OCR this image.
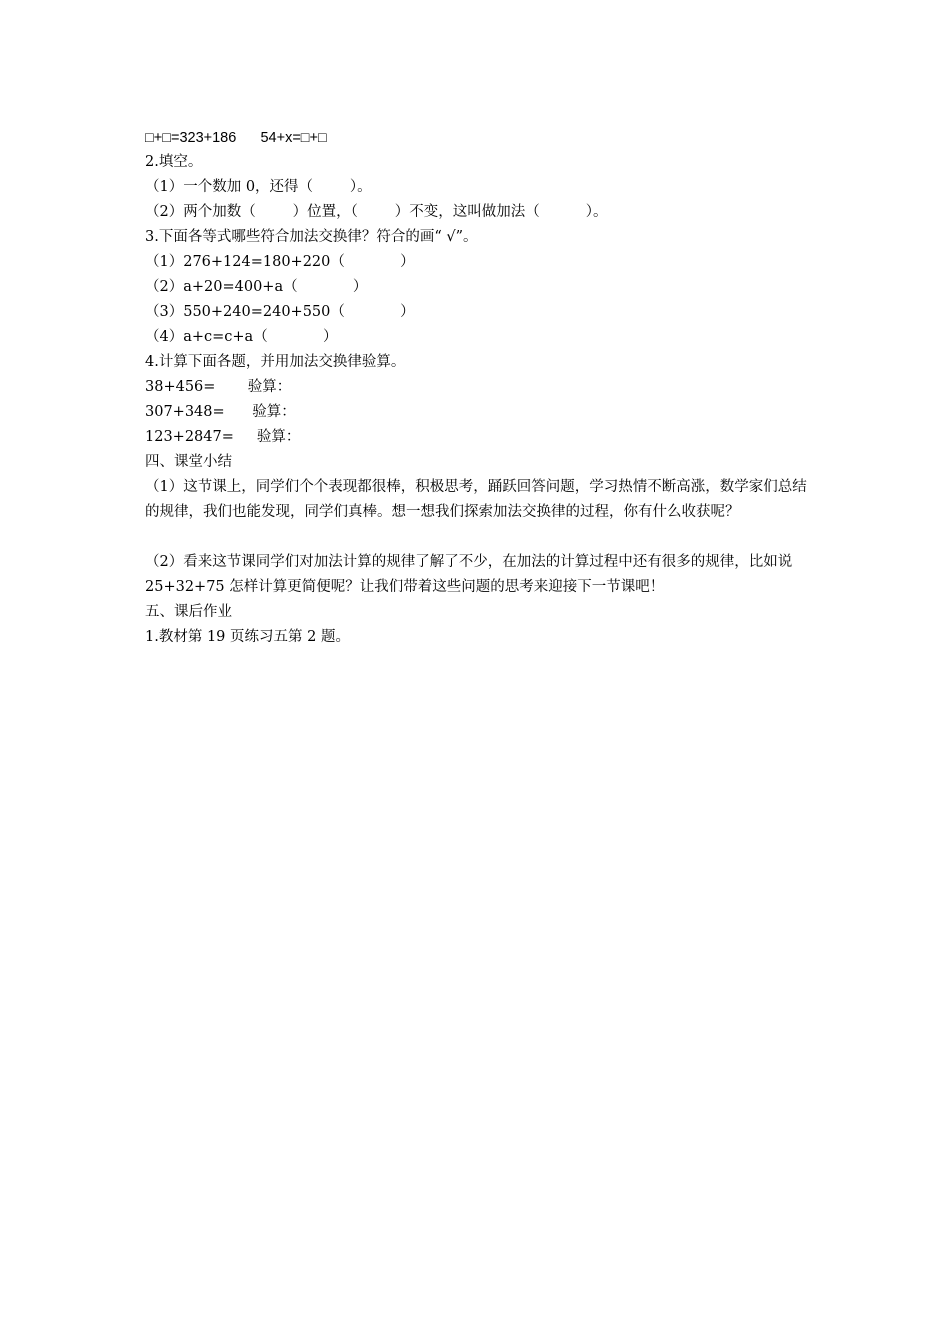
□+□=323+186      54+x=□+□
2.填空。
（1）一个数加 0，还得（        ）。
（2）两个加数（        ）位置，（        ）不变，这叫做加法（          ）。
3.下面各等式哪些符合加法交换律？符合的画“ √”。
（1）276+124=180+220（            ）
（2）a+20=400+a（            ）
（3）550+240=240+550（            ）
（4）a+c=c+a（            ）
4.计算下面各题，并用加法交换律验算。
38+456=       验算：
307+348=      验算：
123+2847=     验算：
四、课堂小结
（1）这节课上，同学们个个表现都很棒，积极思考，踊跃回答问题，学习热情不断高涨，数学家们总结的规律，我们也能发现，同学们真棒。想一想我们探索加法交换律的过程，你有什么收获呢？
（2）看来这节课同学们对加法计算的规律了解了不少，在加法的计算过程中还有很多的规律，比如说 25+32+75 怎样计算更简便呢？让我们带着这些问题的思考来迎接下一节课吧！
五、课后作业
1.教材第 19 页练习五第 2 题。
